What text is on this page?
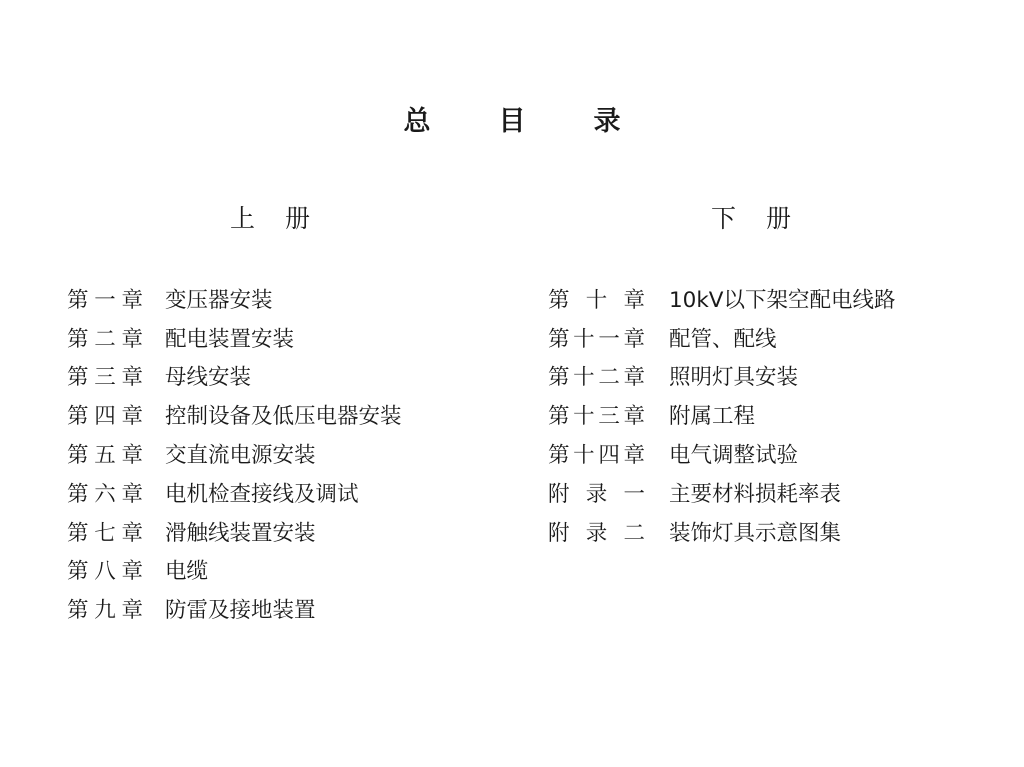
总目录
上册	下册
第一章 变压器安装
第二章 配电装置安装
第三章 母线安装
第四章 控制设备及低压电器安装
第五章 交直流电源安装
第六章 电机检查接线及调试
第七章 滑触线装置安装
第八章 电缆
第九章 防雷及接地装置
第十章 10kV以下架空配电线路
第十一章 配管、配线
第十二章 照明灯具安装
第十三章 附属工程
第十四章 电气调整试验
附录一 主要材料损耗率表
附录二 装饰灯具示意图集
